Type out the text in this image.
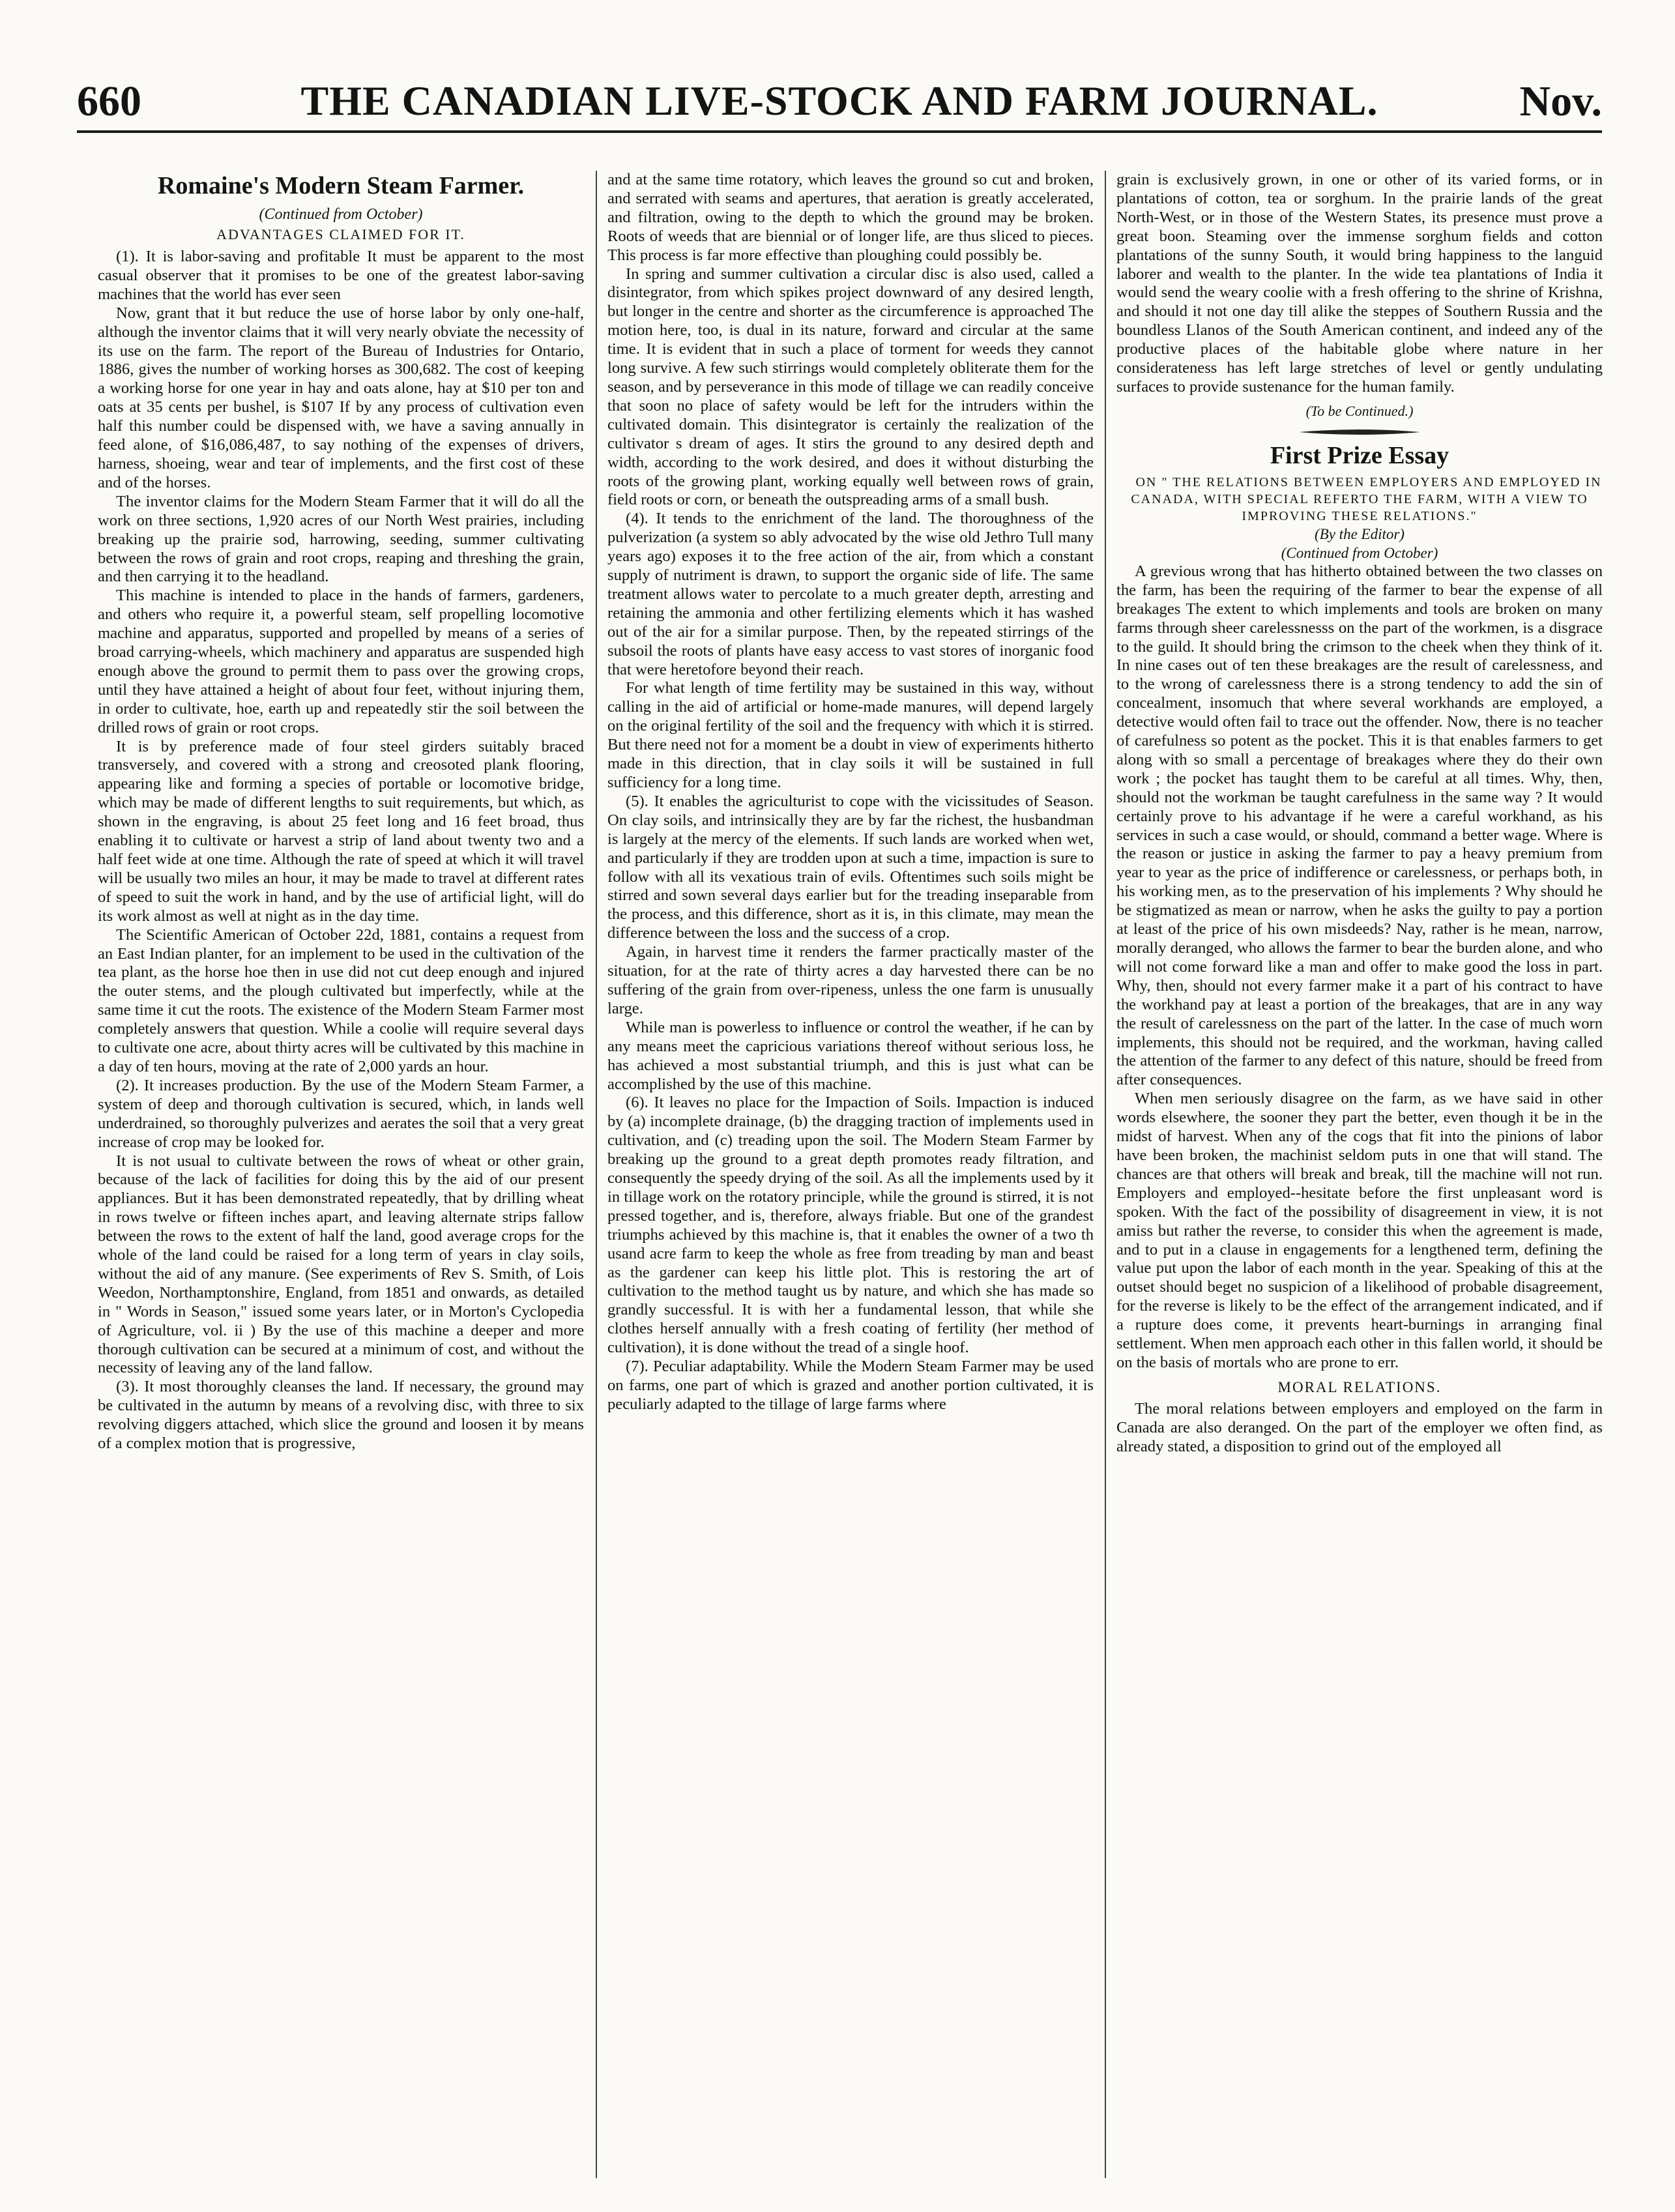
660	THE CANADIAN LIVE-STOCK AND FARM JOURNAL.	Nov.
Romaine's Modern Steam Farmer.
(Continued from October)
ADVANTAGES CLAIMED FOR IT.

(1). It is labor-saving and profitable It must be apparent to the most casual observer that it promises to be one of the greatest labor-saving machines that the world has ever seen

Now, grant that it but reduce the use of horse labor by only one-half, although the inventor claims that it will very nearly obviate the necessity of its use on the farm. The report of the Bureau of Industries for Ontario, 1886, gives the number of working horses as 300,682. The cost of keeping a working horse for one year in hay and oats alone, hay at $10 per ton and oats at 35 cents per bushel, is $107 If by any process of cultivation even half this number could be dispensed with, we have a saving annually in feed alone, of $16,086,487, to say nothing of the expenses of drivers, harness, shoeing, wear and tear of implements, and the first cost of these and of the horses.

The inventor claims for the Modern Steam Farmer that it will do all the work on three sections, 1,920 acres of our North West prairies, including breaking up the prairie sod, harrowing, seeding, summer cultivating between the rows of grain and root crops, reaping and threshing the grain, and then carrying it to the headland.

This machine is intended to place in the hands of farmers, gardeners, and others who require it, a powerful steam, self propelling locomotive machine and apparatus, supported and propelled by means of a series of broad carrying-wheels, which machinery and apparatus are suspended high enough above the ground to permit them to pass over the growing crops, until they have attained a height of about four feet, without injuring them, in order to cultivate, hoe, earth up and repeatedly stir the soil between the drilled rows of grain or root crops.

It is by preference made of four steel girders suitably braced transversely, and covered with a strong and creosoted plank flooring, appearing like and forming a species of portable or locomotive bridge, which may be made of different lengths to suit requirements, but which, as shown in the engraving, is about 25 feet long and 16 feet broad, thus enabling it to cultivate or harvest a strip of land about twenty two and a half feet wide at one time. Although the rate of speed at which it will travel will be usually two miles an hour, it may be made to travel at different rates of speed to suit the work in hand, and by the use of artificial light, will do its work almost as well at night as in the day time.

The Scientific American of October 22d, 1881, contains a request from an East Indian planter, for an implement to be used in the cultivation of the tea plant, as the horse hoe then in use did not cut deep enough and injured the outer stems, and the plough cultivated but imperfectly, while at the same time it cut the roots. The existence of the Modern Steam Farmer most completely answers that question. While a coolie will require several days to cultivate one acre, about thirty acres will be cultivated by this machine in a day of ten hours, moving at the rate of 2,000 yards an hour.

(2). It increases production. By the use of the Modern Steam Farmer, a system of deep and thorough cultivation is secured, which, in lands well underdrained, so thoroughly pulverizes and aerates the soil that a very great increase of crop may be looked for.

It is not usual to cultivate between the rows of wheat or other grain, because of the lack of facilities for doing this by the aid of our present appliances. But it has been demonstrated repeatedly, that by drilling wheat in rows twelve or fifteen inches apart, and leaving alternate strips fallow between the rows to the extent of half the land, good average crops for the whole of the land could be raised for a long term of years in clay soils, without the aid of any manure. (See experiments of Rev S. Smith, of Lois Weedon, Northamptonshire, England, from 1851 and onwards, as detailed in " Words in Season," issued some years later, or in Morton's Cyclopedia of Agriculture, vol. ii ) By the use of this machine a deeper and more thorough cultivation can be secured at a minimum of cost, and without the necessity of leaving any of the land fallow.

(3). It most thoroughly cleanses the land. If necessary, the ground may be cultivated in the autumn by means of a revolving disc, with three to six revolving diggers attached, which slice the ground and loosen it by means of a complex motion that is progressive,

and at the same time rotatory, which leaves the ground so cut and broken, and serrated with seams and apertures, that aeration is greatly accelerated, and filtration, owing to the depth to which the ground may be broken. Roots of weeds that are biennial or of longer life, are thus sliced to pieces. This process is far more effective than ploughing could possibly be.

In spring and summer cultivation a circular disc is also used, called a disintegrator, from which spikes project downward of any desired length, but longer in the centre and shorter as the circumference is approached The motion here, too, is dual in its nature, forward and circular at the same time. It is evident that in such a place of torment for weeds they cannot long survive. A few such stirrings would completely obliterate them for the season, and by perseverance in this mode of tillage we can readily conceive that soon no place of safety would be left for the intruders within the cultivated domain. This disintegrator is certainly the realization of the cultivator s dream of ages. It stirs the ground to any desired depth and width, according to the work desired, and does it without disturbing the roots of the growing plant, working equally well between rows of grain, field roots or corn, or beneath the outspreading arms of a small bush.

(4). It tends to the enrichment of the land. The thoroughness of the pulverization (a system so ably advocated by the wise old Jethro Tull many years ago) exposes it to the free action of the air, from which a constant supply of nutriment is drawn, to support the organic side of life. The same treatment allows water to percolate to a much greater depth, arresting and retaining the ammonia and other fertilizing elements which it has washed out of the air for a similar purpose. Then, by the repeated stirrings of the subsoil the roots of plants have easy access to vast stores of inorganic food that were heretofore beyond their reach.

For what length of time fertility may be sustained in this way, without calling in the aid of artificial or home-made manures, will depend largely on the original fertility of the soil and the frequency with which it is stirred. But there need not for a moment be a doubt in view of experiments hitherto made in this direction, that in clay soils it will be sustained in full sufficiency for a long time.

(5). It enables the agriculturist to cope with the vicissitudes of Season. On clay soils, and intrinsically they are by far the richest, the husbandman is largely at the mercy of the elements. If such lands are worked when wet, and particularly if they are trodden upon at such a time, impaction is sure to follow with all its vexatious train of evils. Oftentimes such soils might be stirred and sown several days earlier but for the treading inseparable from the process, and this difference, short as it is, in this climate, may mean the difference between the loss and the success of a crop.

Again, in harvest time it renders the farmer practically master of the situation, for at the rate of thirty acres a day harvested there can be no suffering of the grain from over-ripeness, unless the one farm is unusually large.

While man is powerless to influence or control the weather, if he can by any means meet the capricious variations thereof without serious loss, he has achieved a most substantial triumph, and this is just what can be accomplished by the use of this machine.

(6). It leaves no place for the Impaction of Soils. Impaction is induced by (a) incomplete drainage, (b) the dragging traction of implements used in cultivation, and (c) treading upon the soil. The Modern Steam Farmer by breaking up the ground to a great depth promotes ready filtration, and consequently the speedy drying of the soil. As all the implements used by it in tillage work on the rotatory principle, while the ground is stirred, it is not pressed together, and is, therefore, always friable. But one of the grandest triumphs achieved by this machine is, that it enables the owner of a two th usand acre farm to keep the whole as free from treading by man and beast as the gardener can keep his little plot. This is restoring the art of cultivation to the method taught us by nature, and which she has made so grandly successful. It is with her a fundamental lesson, that while she clothes herself annually with a fresh coating of fertility (her method of cultivation), it is done without the tread of a single hoof.

(7). Peculiar adaptability. While the Modern Steam Farmer may be used on farms, one part of which is grazed and another portion cultivated, it is peculiarly adapted to the tillage of large farms where

grain is exclusively grown, in one or other of its varied forms, or in plantations of cotton, tea or sorghum. In the prairie lands of the great North-West, or in those of the Western States, its presence must prove a great boon. Steaming over the immense sorghum fields and cotton plantations of the sunny South, it would bring happiness to the languid laborer and wealth to the planter. In the wide tea plantations of India it would send the weary coolie with a fresh offering to the shrine of Krishna, and should it not one day till alike the steppes of Southern Russia and the boundless Llanos of the South American continent, and indeed any of the productive places of the habitable globe where nature in her considerateness has left large stretches of level or gently undulating surfaces to provide sustenance for the human family.

(To be Continued.)
First Prize Essay

ON " THE RELATIONS BETWEEN EMPLOYERS AND EMPLOYED IN CANADA, WITH SPECIAL REFERTO THE FARM, WITH A VIEW TO IMPROVING THESE RELATIONS."

(By the Editor)
(Continued from October)

A grevious wrong that has hitherto obtained between the two classes on the farm, has been the requiring of the farmer to bear the expense of all breakages The extent to which implements and tools are broken on many farms through sheer carelessnesss on the part of the workmen, is a disgrace to the guild. It should bring the crimson to the cheek when they think of it. In nine cases out of ten these breakages are the result of carelessness, and to the wrong of carelessness there is a strong tendency to add the sin of concealment, insomuch that where several workhands are employed, a detective would often fail to trace out the offender. Now, there is no teacher of carefulness so potent as the pocket. This it is that enables farmers to get along with so small a percentage of breakages where they do their own work ; the pocket has taught them to be careful at all times. Why, then, should not the workman be taught carefulness in the same way ? It would certainly prove to his advantage if he were a careful workhand, as his services in such a case would, or should, command a better wage. Where is the reason or justice in asking the farmer to pay a heavy premium from year to year as the price of indifference or carelessness, or perhaps both, in his working men, as to the preservation of his implements ? Why should he be stigmatized as mean or narrow, when he asks the guilty to pay a portion at least of the price of his own misdeeds? Nay, rather is he mean, narrow, morally deranged, who allows the farmer to bear the burden alone, and who will not come forward like a man and offer to make good the loss in part. Why, then, should not every farmer make it a part of his contract to have the workhand pay at least a portion of the breakages, that are in any way the result of carelessness on the part of the latter. In the case of much worn implements, this should not be required, and the workman, having called the attention of the farmer to any defect of this nature, should be freed from after consequences.

When men seriously disagree on the farm, as we have said in other words elsewhere, the sooner they part the better, even though it be in the midst of harvest. When any of the cogs that fit into the pinions of labor have been broken, the machinist seldom puts in one that will stand. The chances are that others will break and break, till the machine will not run. Employers and employed--hesitate before the first unpleasant word is spoken. With the fact of the possibility of disagreement in view, it is not amiss but rather the reverse, to consider this when the agreement is made, and to put in a clause in engagements for a lengthened term, defining the value put upon the labor of each month in the year. Speaking of this at the outset should beget no suspicion of a likelihood of probable disagreement, for the reverse is likely to be the effect of the arrangement indicated, and if a rupture does come, it prevents heart-burnings in arranging final settlement. When men approach each other in this fallen world, it should be on the basis of mortals who are prone to err.

MORAL RELATIONS.

The moral relations between employers and employed on the farm in Canada are also deranged. On the part of the employer we often find, as already stated, a disposition to grind out of the employed all
